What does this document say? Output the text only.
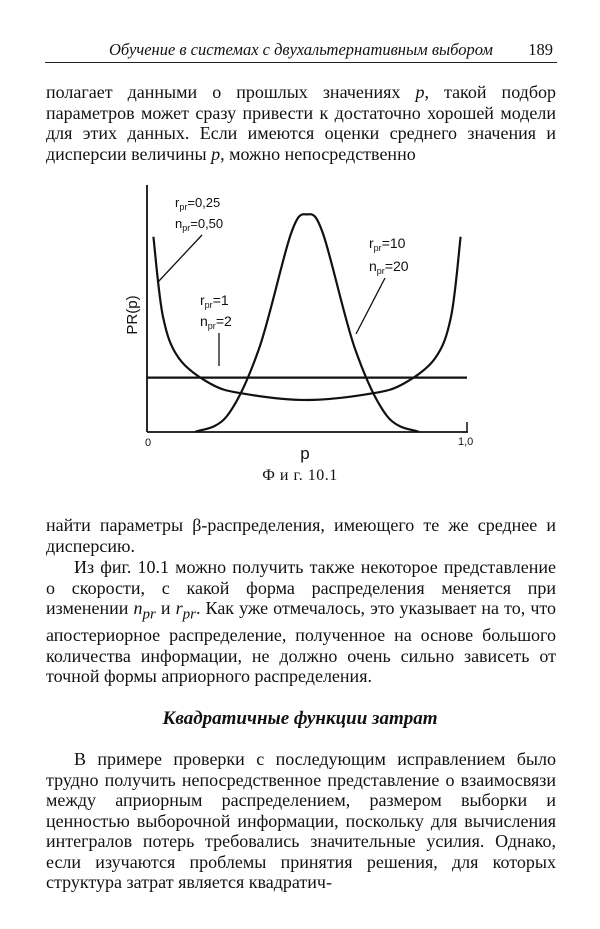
Обучение в системах с двухальтернативным выбором 189

полагает данными о прошлых значениях p, такой подбор параметров может сразу привести к достаточно хорошей модели для этих данных. Если имеются оценки среднего значения и дисперсии величины p, можно непосредственно

PR(p)
p
0	1,0
$r_{pr}=0,25$
$n_{pr}=0,50$
$r_{pr}=1$
$n_{pr}=2$
$r_{pr}=10$
$n_{pr}=20$
Ф и г. 10.1

найти параметры β-распределения, имеющего те же среднее и дисперсию.

Из фиг. 10.1 можно получить также некоторое представление о скорости, с какой форма распределения меняется при изменении $n_{pr}$ и $r_{pr}$. Как уже отмечалось, это указывает на то, что апостериорное распределение, полученное на основе большого количества информации, не должно очень сильно зависеть от точной формы априорного распределения.

Квадратичные функции затрат

В примере проверки с последующим исправлением было трудно получить непосредственное представление о взаимосвязи между априорным распределением, размером выборки и ценностью выборочной информации, поскольку для вычисления интегралов потерь требовались значительные усилия. Однако, если изучаются проблемы принятия решения, для которых структура затрат является квадратич-
